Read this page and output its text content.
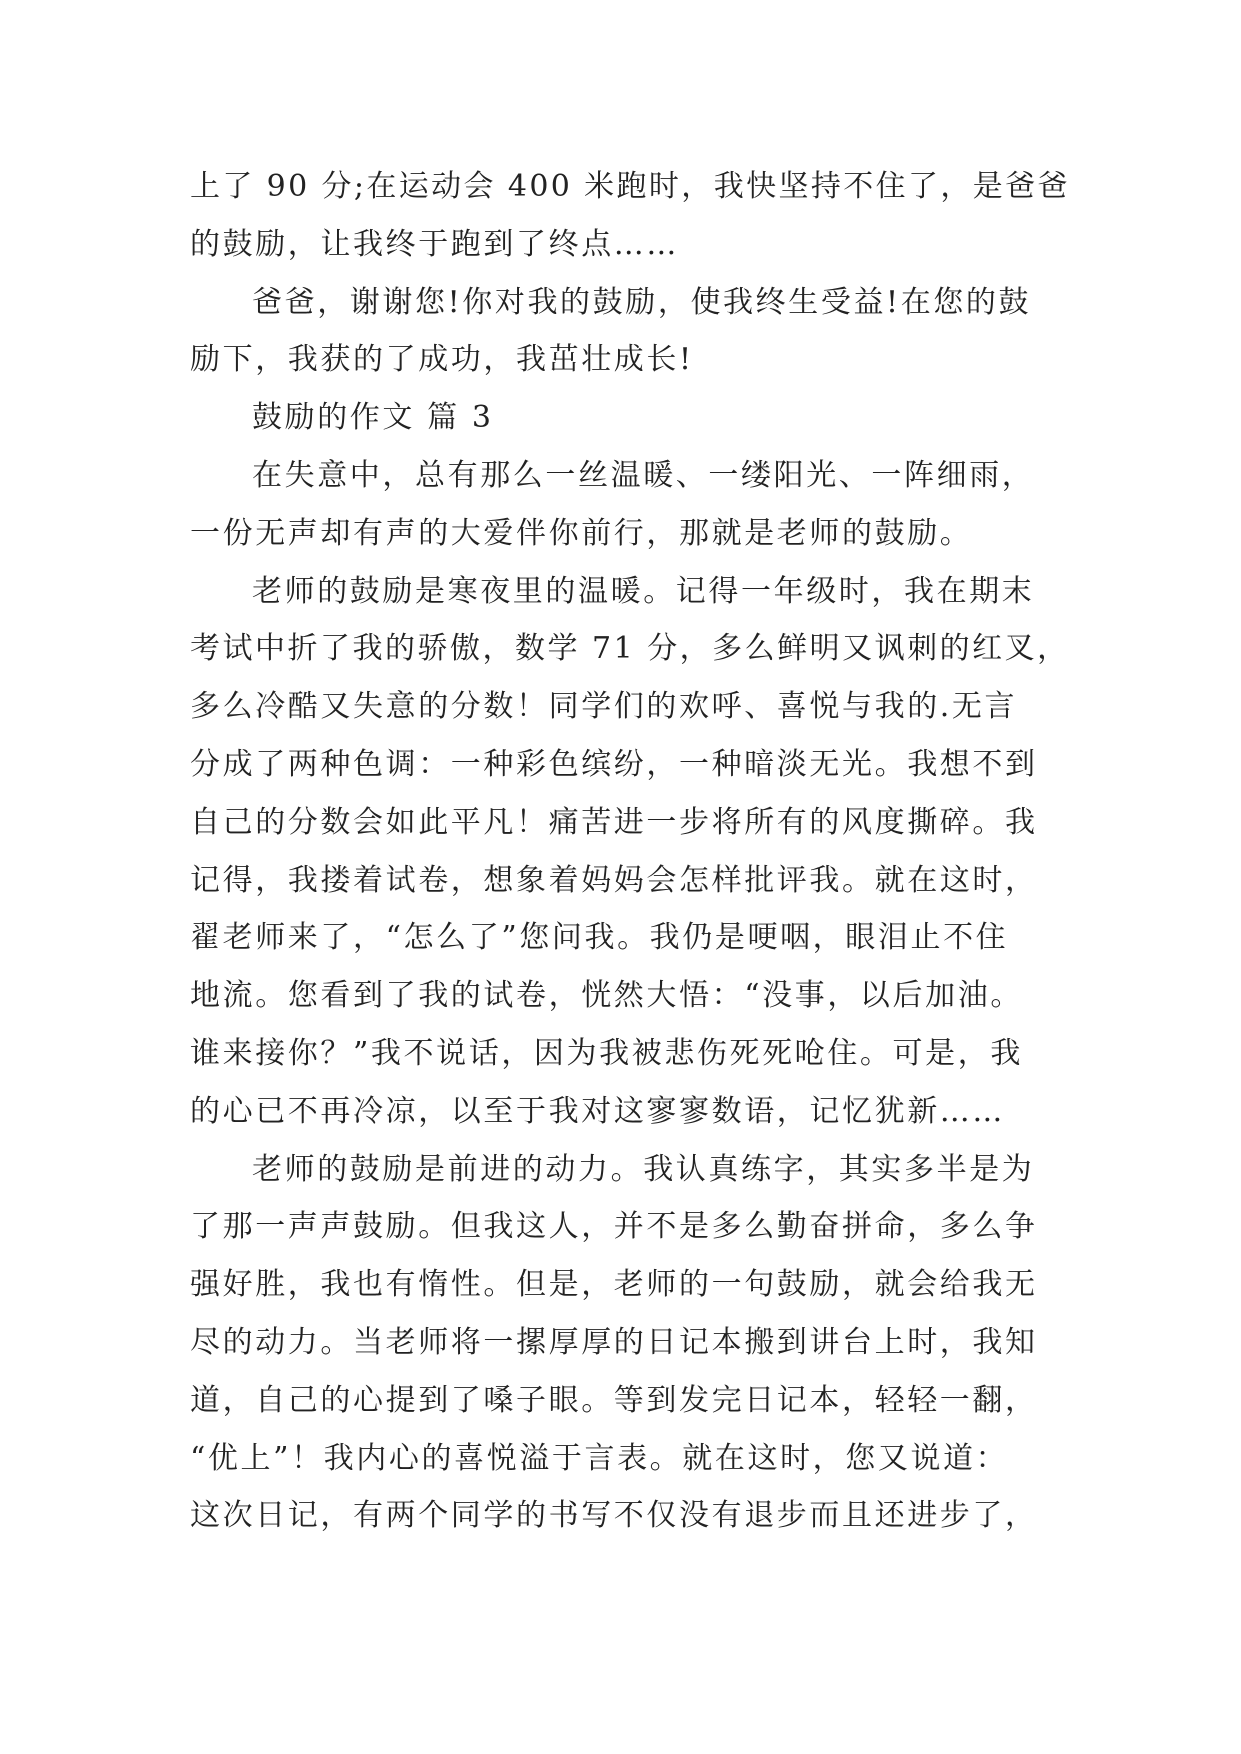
上了 90 分;在运动会 400 米跑时，我快坚持不住了，是爸爸
的鼓励，让我终于跑到了终点……
爸爸，谢谢您!你对我的鼓励，使我终生受益!在您的鼓
励下，我获的了成功，我茁壮成长!
鼓励的作文 篇 3
在失意中，总有那么一丝温暖、一缕阳光、一阵细雨，
一份无声却有声的大爱伴你前行，那就是老师的鼓励。
老师的鼓励是寒夜里的温暖。记得一年级时，我在期末
考试中折了我的骄傲，数学 71 分，多么鲜明又讽刺的红叉，
多么冷酷又失意的分数！同学们的欢呼、喜悦与我的.无言
分成了两种色调：一种彩色缤纷，一种暗淡无光。我想不到
自己的分数会如此平凡！痛苦进一步将所有的风度撕碎。我
记得，我搂着试卷，想象着妈妈会怎样批评我。就在这时，
翟老师来了，“怎么了”您问我。我仍是哽咽，眼泪止不住
地流。您看到了我的试卷，恍然大悟：“没事，以后加油。
谁来接你？”我不说话，因为我被悲伤死死呛住。可是，我
的心已不再冷凉，以至于我对这寥寥数语，记忆犹新……
老师的鼓励是前进的动力。我认真练字，其实多半是为
了那一声声鼓励。但我这人，并不是多么勤奋拼命，多么争
强好胜，我也有惰性。但是，老师的一句鼓励，就会给我无
尽的动力。当老师将一摞厚厚的日记本搬到讲台上时，我知
道，自己的心提到了嗓子眼。等到发完日记本，轻轻一翻，
“优上”！我内心的喜悦溢于言表。就在这时，您又说道：
这次日记，有两个同学的书写不仅没有退步而且还进步了，
